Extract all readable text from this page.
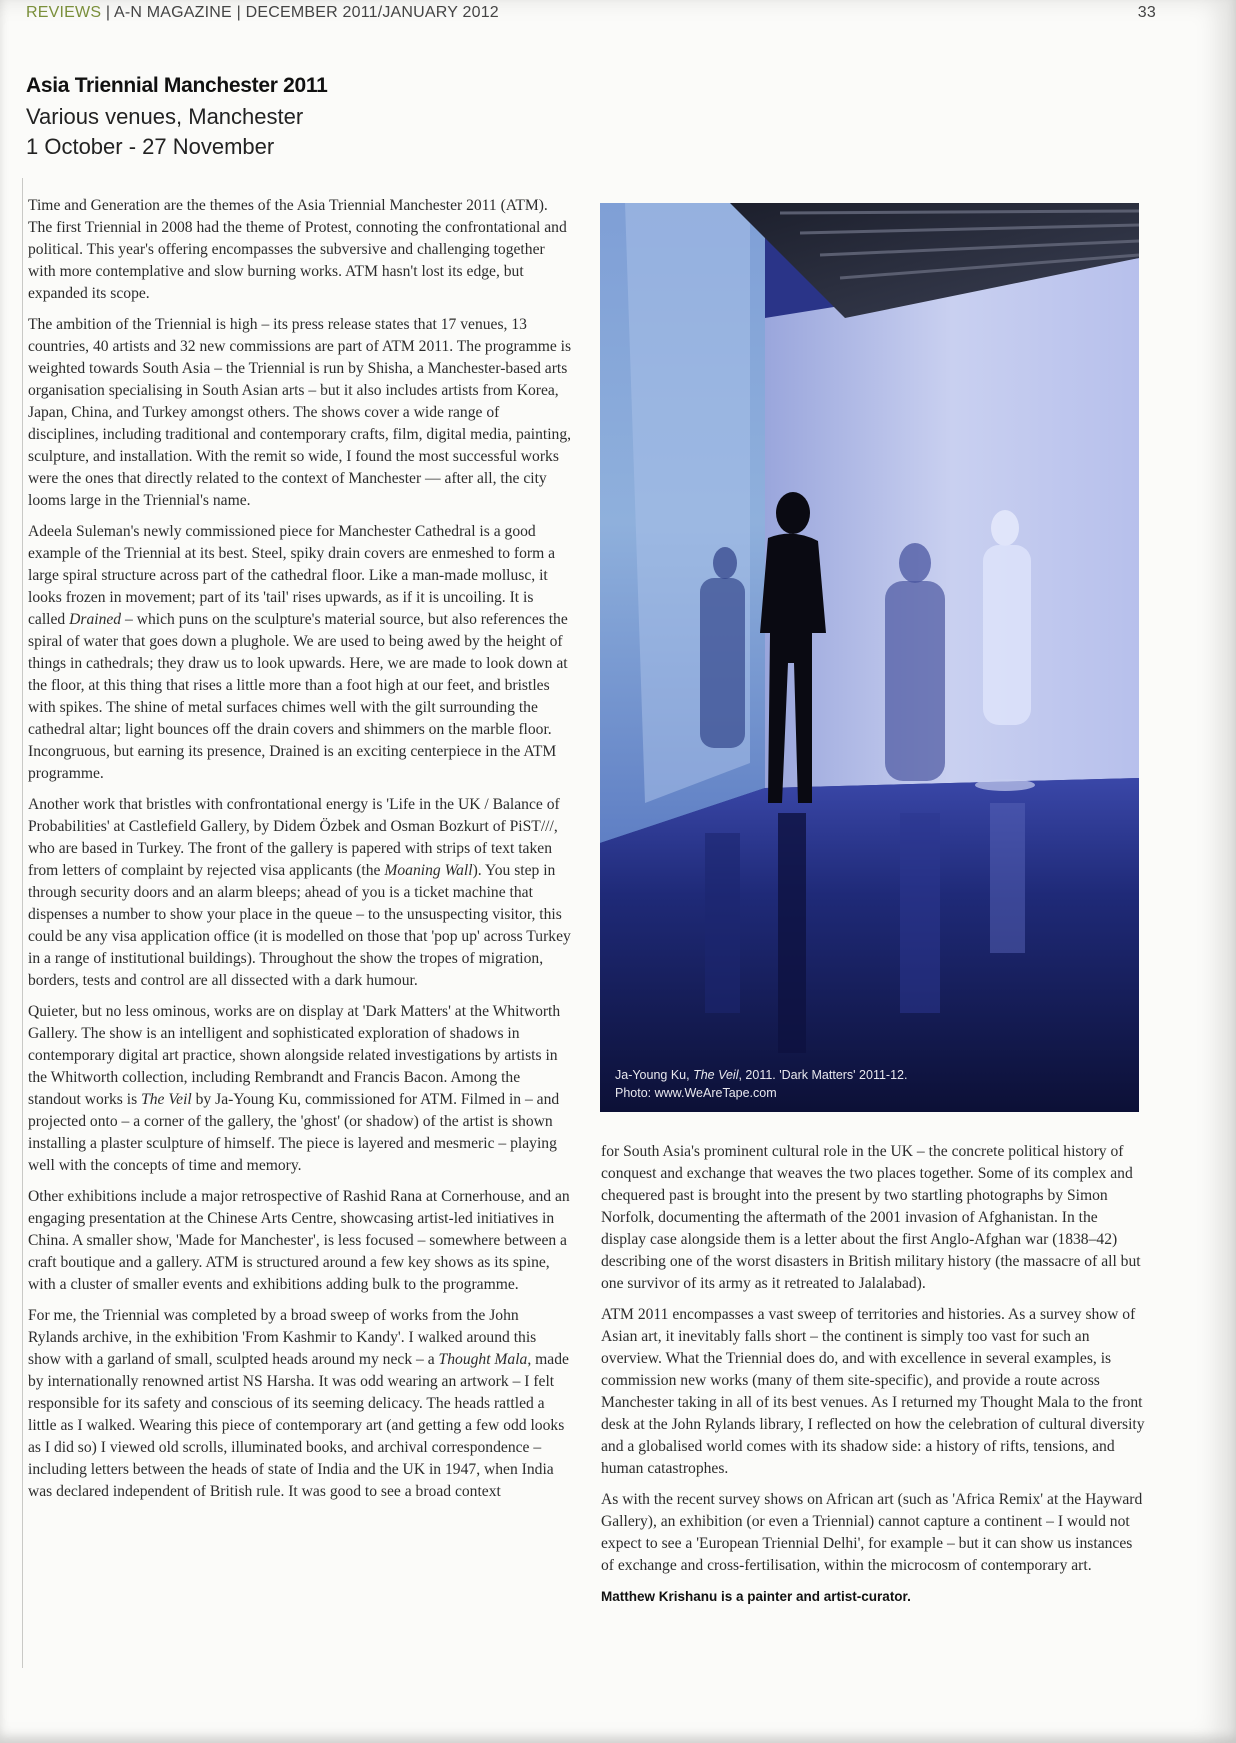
REVIEWS | A-N MAGAZINE | DECEMBER 2011/JANUARY 2012	33
Asia Triennial Manchester 2011
Various venues, Manchester
1 October - 27 November

Time and Generation are the themes of the Asia Triennial Manchester 2011 (ATM). The first Triennial in 2008 had the theme of Protest, connoting the confrontational and political. This year's offering encompasses the subversive and challenging together with more contemplative and slow burning works. ATM hasn't lost its edge, but expanded its scope.

The ambition of the Triennial is high – its press release states that 17 venues, 13 countries, 40 artists and 32 new commissions are part of ATM 2011. The programme is weighted towards South Asia – the Triennial is run by Shisha, a Manchester-based arts organisation specialising in South Asian arts – but it also includes artists from Korea, Japan, China, and Turkey amongst others. The shows cover a wide range of disciplines, including traditional and contemporary crafts, film, digital media, painting, sculpture, and installation. With the remit so wide, I found the most successful works were the ones that directly related to the context of Manchester — after all, the city looms large in the Triennial's name.

Adeela Suleman's newly commissioned piece for Manchester Cathedral is a good example of the Triennial at its best. Steel, spiky drain covers are enmeshed to form a large spiral structure across part of the cathedral floor. Like a man-made mollusc, it looks frozen in movement; part of its 'tail' rises upwards, as if it is uncoiling. It is called Drained – which puns on the sculpture's material source, but also references the spiral of water that goes down a plughole. We are used to being awed by the height of things in cathedrals; they draw us to look upwards. Here, we are made to look down at the floor, at this thing that rises a little more than a foot high at our feet, and bristles with spikes. The shine of metal surfaces chimes well with the gilt surrounding the cathedral altar; light bounces off the drain covers and shimmers on the marble floor. Incongruous, but earning its presence, Drained is an exciting centerpiece in the ATM programme.

Another work that bristles with confrontational energy is 'Life in the UK / Balance of Probabilities' at Castlefield Gallery, by Didem Özbek and Osman Bozkurt of PiST///, who are based in Turkey. The front of the gallery is papered with strips of text taken from letters of complaint by rejected visa applicants (the Moaning Wall). You step in through security doors and an alarm bleeps; ahead of you is a ticket machine that dispenses a number to show your place in the queue – to the unsuspecting visitor, this could be any visa application office (it is modelled on those that 'pop up' across Turkey in a range of institutional buildings). Throughout the show the tropes of migration, borders, tests and control are all dissected with a dark humour.

Quieter, but no less ominous, works are on display at 'Dark Matters' at the Whitworth Gallery. The show is an intelligent and sophisticated exploration of shadows in contemporary digital art practice, shown alongside related investigations by artists in the Whitworth collection, including Rembrandt and Francis Bacon. Among the standout works is The Veil by Ja-Young Ku, commissioned for ATM. Filmed in – and projected onto – a corner of the gallery, the 'ghost' (or shadow) of the artist is shown installing a plaster sculpture of himself. The piece is layered and mesmeric – playing well with the concepts of time and memory.

Other exhibitions include a major retrospective of Rashid Rana at Cornerhouse, and an engaging presentation at the Chinese Arts Centre, showcasing artist-led initiatives in China. A smaller show, 'Made for Manchester', is less focused – somewhere between a craft boutique and a gallery. ATM is structured around a few key shows as its spine, with a cluster of smaller events and exhibitions adding bulk to the programme.

For me, the Triennial was completed by a broad sweep of works from the John Rylands archive, in the exhibition 'From Kashmir to Kandy'. I walked around this show with a garland of small, sculpted heads around my neck – a Thought Mala, made by internationally renowned artist NS Harsha. It was odd wearing an artwork – I felt responsible for its safety and conscious of its seeming delicacy. The heads rattled a little as I walked. Wearing this piece of contemporary art (and getting a few odd looks as I did so) I viewed old scrolls, illuminated books, and archival correspondence – including letters between the heads of state of India and the UK in 1947, when India was declared independent of British rule. It was good to see a broad context

Ja-Young Ku, The Veil, 2011. 'Dark Matters' 2011-12. Photo: www.WeAreTape.com

for South Asia's prominent cultural role in the UK – the concrete political history of conquest and exchange that weaves the two places together. Some of its complex and chequered past is brought into the present by two startling photographs by Simon Norfolk, documenting the aftermath of the 2001 invasion of Afghanistan. In the display case alongside them is a letter about the first Anglo-Afghan war (1838–42) describing one of the worst disasters in British military history (the massacre of all but one survivor of its army as it retreated to Jalalabad).

ATM 2011 encompasses a vast sweep of territories and histories. As a survey show of Asian art, it inevitably falls short – the continent is simply too vast for such an overview. What the Triennial does do, and with excellence in several examples, is commission new works (many of them site-specific), and provide a route across Manchester taking in all of its best venues. As I returned my Thought Mala to the front desk at the John Rylands library, I reflected on how the celebration of cultural diversity and a globalised world comes with its shadow side: a history of rifts, tensions, and human catastrophes.

As with the recent survey shows on African art (such as 'Africa Remix' at the Hayward Gallery), an exhibition (or even a Triennial) cannot capture a continent – I would not expect to see a 'European Triennial Delhi', for example – but it can show us instances of exchange and cross-fertilisation, within the microcosm of contemporary art.

Matthew Krishanu is a painter and artist-curator.
